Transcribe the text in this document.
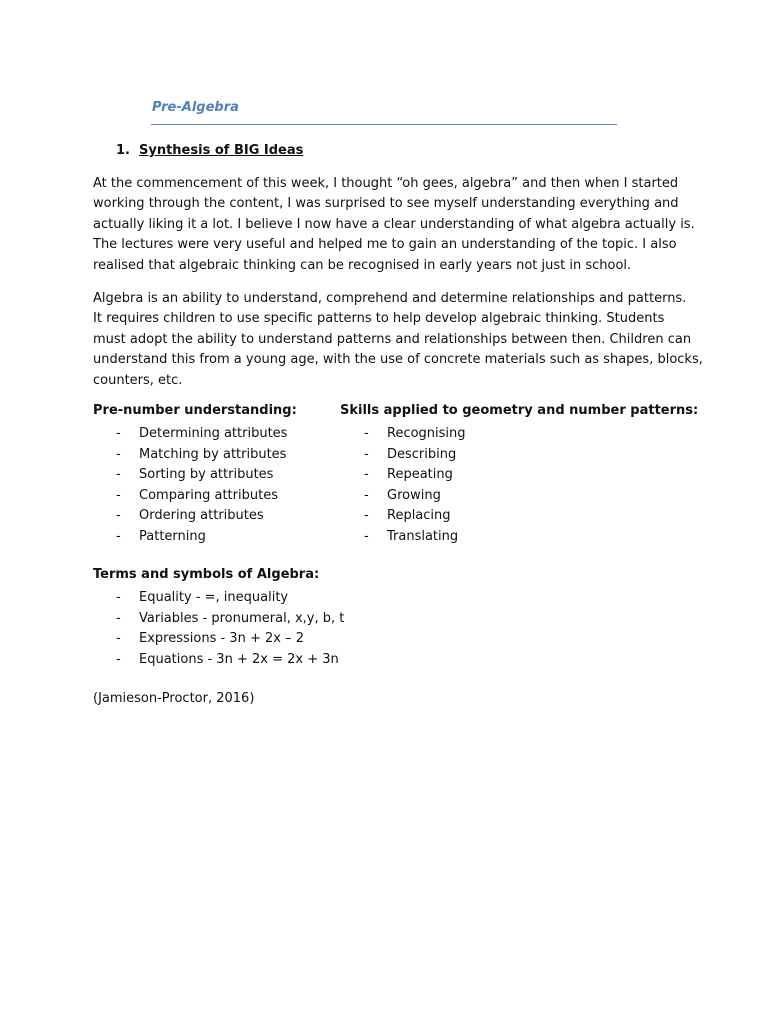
Pre-Algebra
1. Synthesis of BIG Ideas

At the commencement of this week, I thought “oh gees, algebra” and then when I started
working through the content, I was surprised to see myself understanding everything and
actually liking it a lot. I believe I now have a clear understanding of what algebra actually is.
The lectures were very useful and helped me to gain an understanding of the topic. I also
realised that algebraic thinking can be recognised in early years not just in school.

Algebra is an ability to understand, comprehend and determine relationships and patterns.
It requires children to use specific patterns to help develop algebraic thinking. Students
must adopt the ability to understand patterns and relationships between then. Children can
understand this from a young age, with the use of concrete materials such as shapes, blocks,
counters, etc.

Pre-number understanding:
- Determining attributes
- Matching by attributes
- Sorting by attributes
- Comparing attributes
- Ordering attributes
- Patterning
Skills applied to geometry and number patterns:
- Recognising
- Describing
- Repeating
- Growing
- Replacing
- Translating
Terms and symbols of Algebra:
- Equality - =, inequality
- Variables - pronumeral, x,y, b, t
- Expressions - 3n + 2x – 2
- Equations - 3n + 2x = 2x + 3n
(Jamieson-Proctor, 2016)
